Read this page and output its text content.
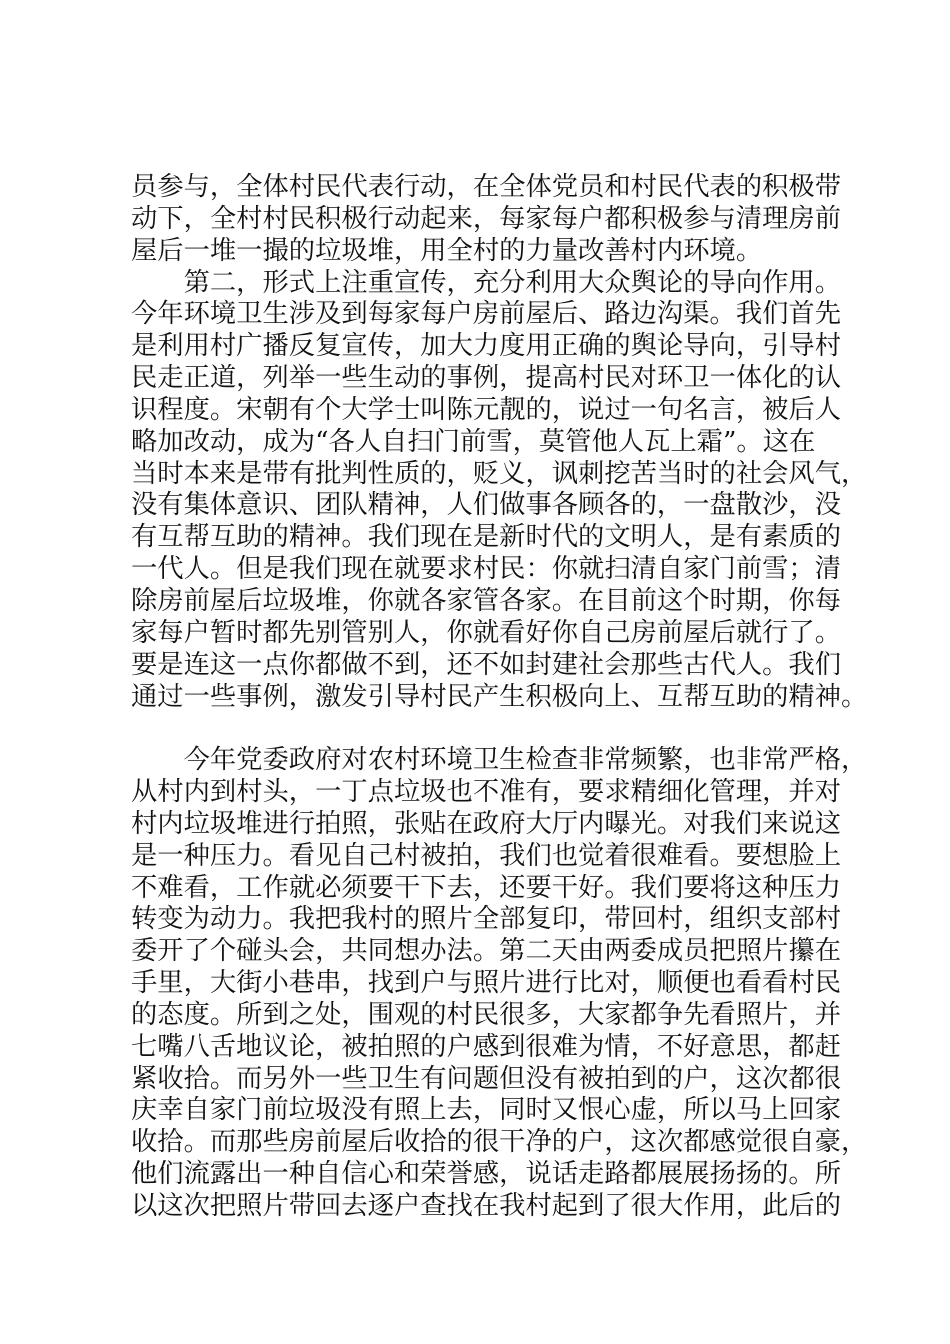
员参与，全体村民代表行动，在全体党员和村民代表的积极带
动下，全村村民积极行动起来，每家每户都积极参与清理房前
屋后一堆一撮的垃圾堆，用全村的力量改善村内环境。
　　第二，形式上注重宣传，充分利用大众舆论的导向作用。
今年环境卫生涉及到每家每户房前屋后、路边沟渠。我们首先
是利用村广播反复宣传，加大力度用正确的舆论导向，引导村
民走正道，列举一些生动的事例，提高村民对环卫一体化的认
识程度。宋朝有个大学士叫陈元靓的，说过一句名言，被后人
略加改动，成为“各人自扫门前雪，莫管他人瓦上霜”。这在
当时本来是带有批判性质的，贬义，讽刺挖苦当时的社会风气，
没有集体意识、团队精神，人们做事各顾各的，一盘散沙，没
有互帮互助的精神。我们现在是新时代的文明人，是有素质的
一代人。但是我们现在就要求村民：你就扫清自家门前雪；清
除房前屋后垃圾堆，你就各家管各家。在目前这个时期，你每
家每户暂时都先别管别人，你就看好你自己房前屋后就行了。
要是连这一点你都做不到，还不如封建社会那些古代人。我们
通过一些事例，激发引导村民产生积极向上、互帮互助的精神。
　　今年党委政府对农村环境卫生检查非常频繁，也非常严格，
从村内到村头，一丁点垃圾也不准有，要求精细化管理，并对
村内垃圾堆进行拍照，张贴在政府大厅内曝光。对我们来说这
是一种压力。看见自己村被拍，我们也觉着很难看。要想脸上
不难看，工作就必须要干下去，还要干好。我们要将这种压力
转变为动力。我把我村的照片全部复印，带回村，组织支部村
委开了个碰头会，共同想办法。第二天由两委成员把照片攥在
手里，大街小巷串，找到户与照片进行比对，顺便也看看村民
的态度。所到之处，围观的村民很多，大家都争先看照片，并
七嘴八舌地议论，被拍照的户感到很难为情，不好意思，都赶
紧收拾。而另外一些卫生有问题但没有被拍到的户，这次都很
庆幸自家门前垃圾没有照上去，同时又恨心虚，所以马上回家
收拾。而那些房前屋后收拾的很干净的户，这次都感觉很自豪，
他们流露出一种自信心和荣誉感，说话走路都展展扬扬的。所
以这次把照片带回去逐户查找在我村起到了很大作用，此后的
